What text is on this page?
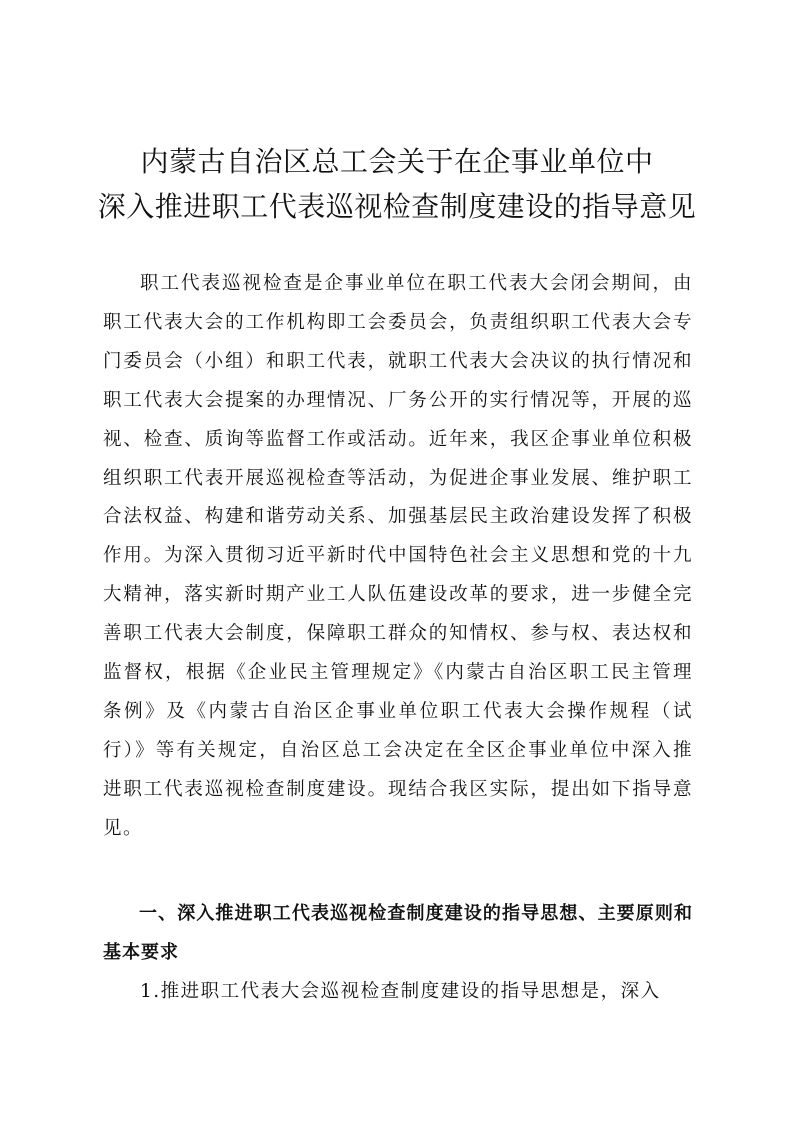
内蒙古自治区总工会关于在企事业单位中
深入推进职工代表巡视检查制度建设的指导意见

职工代表巡视检查是企事业单位在职工代表大会闭会期间，由职工代表大会的工作机构即工会委员会，负责组织职工代表大会专门委员会（小组）和职工代表，就职工代表大会决议的执行情况和职工代表大会提案的办理情况、厂务公开的实行情况等，开展的巡视、检查、质询等监督工作或活动。近年来，我区企事业单位积极组织职工代表开展巡视检查等活动，为促进企事业发展、维护职工合法权益、构建和谐劳动关系、加强基层民主政治建设发挥了积极作用。为深入贯彻习近平新时代中国特色社会主义思想和党的十九大精神，落实新时期产业工人队伍建设改革的要求，进一步健全完善职工代表大会制度，保障职工群众的知情权、参与权、表达权和监督权，根据《企业民主管理规定》《内蒙古自治区职工民主管理条例》及《内蒙古自治区企事业单位职工代表大会操作规程（试行）》等有关规定，自治区总工会决定在全区企事业单位中深入推进职工代表巡视检查制度建设。现结合我区实际，提出如下指导意见。

一、深入推进职工代表巡视检查制度建设的指导思想、主要原则和基本要求

1.推进职工代表大会巡视检查制度建设的指导思想是，深入
